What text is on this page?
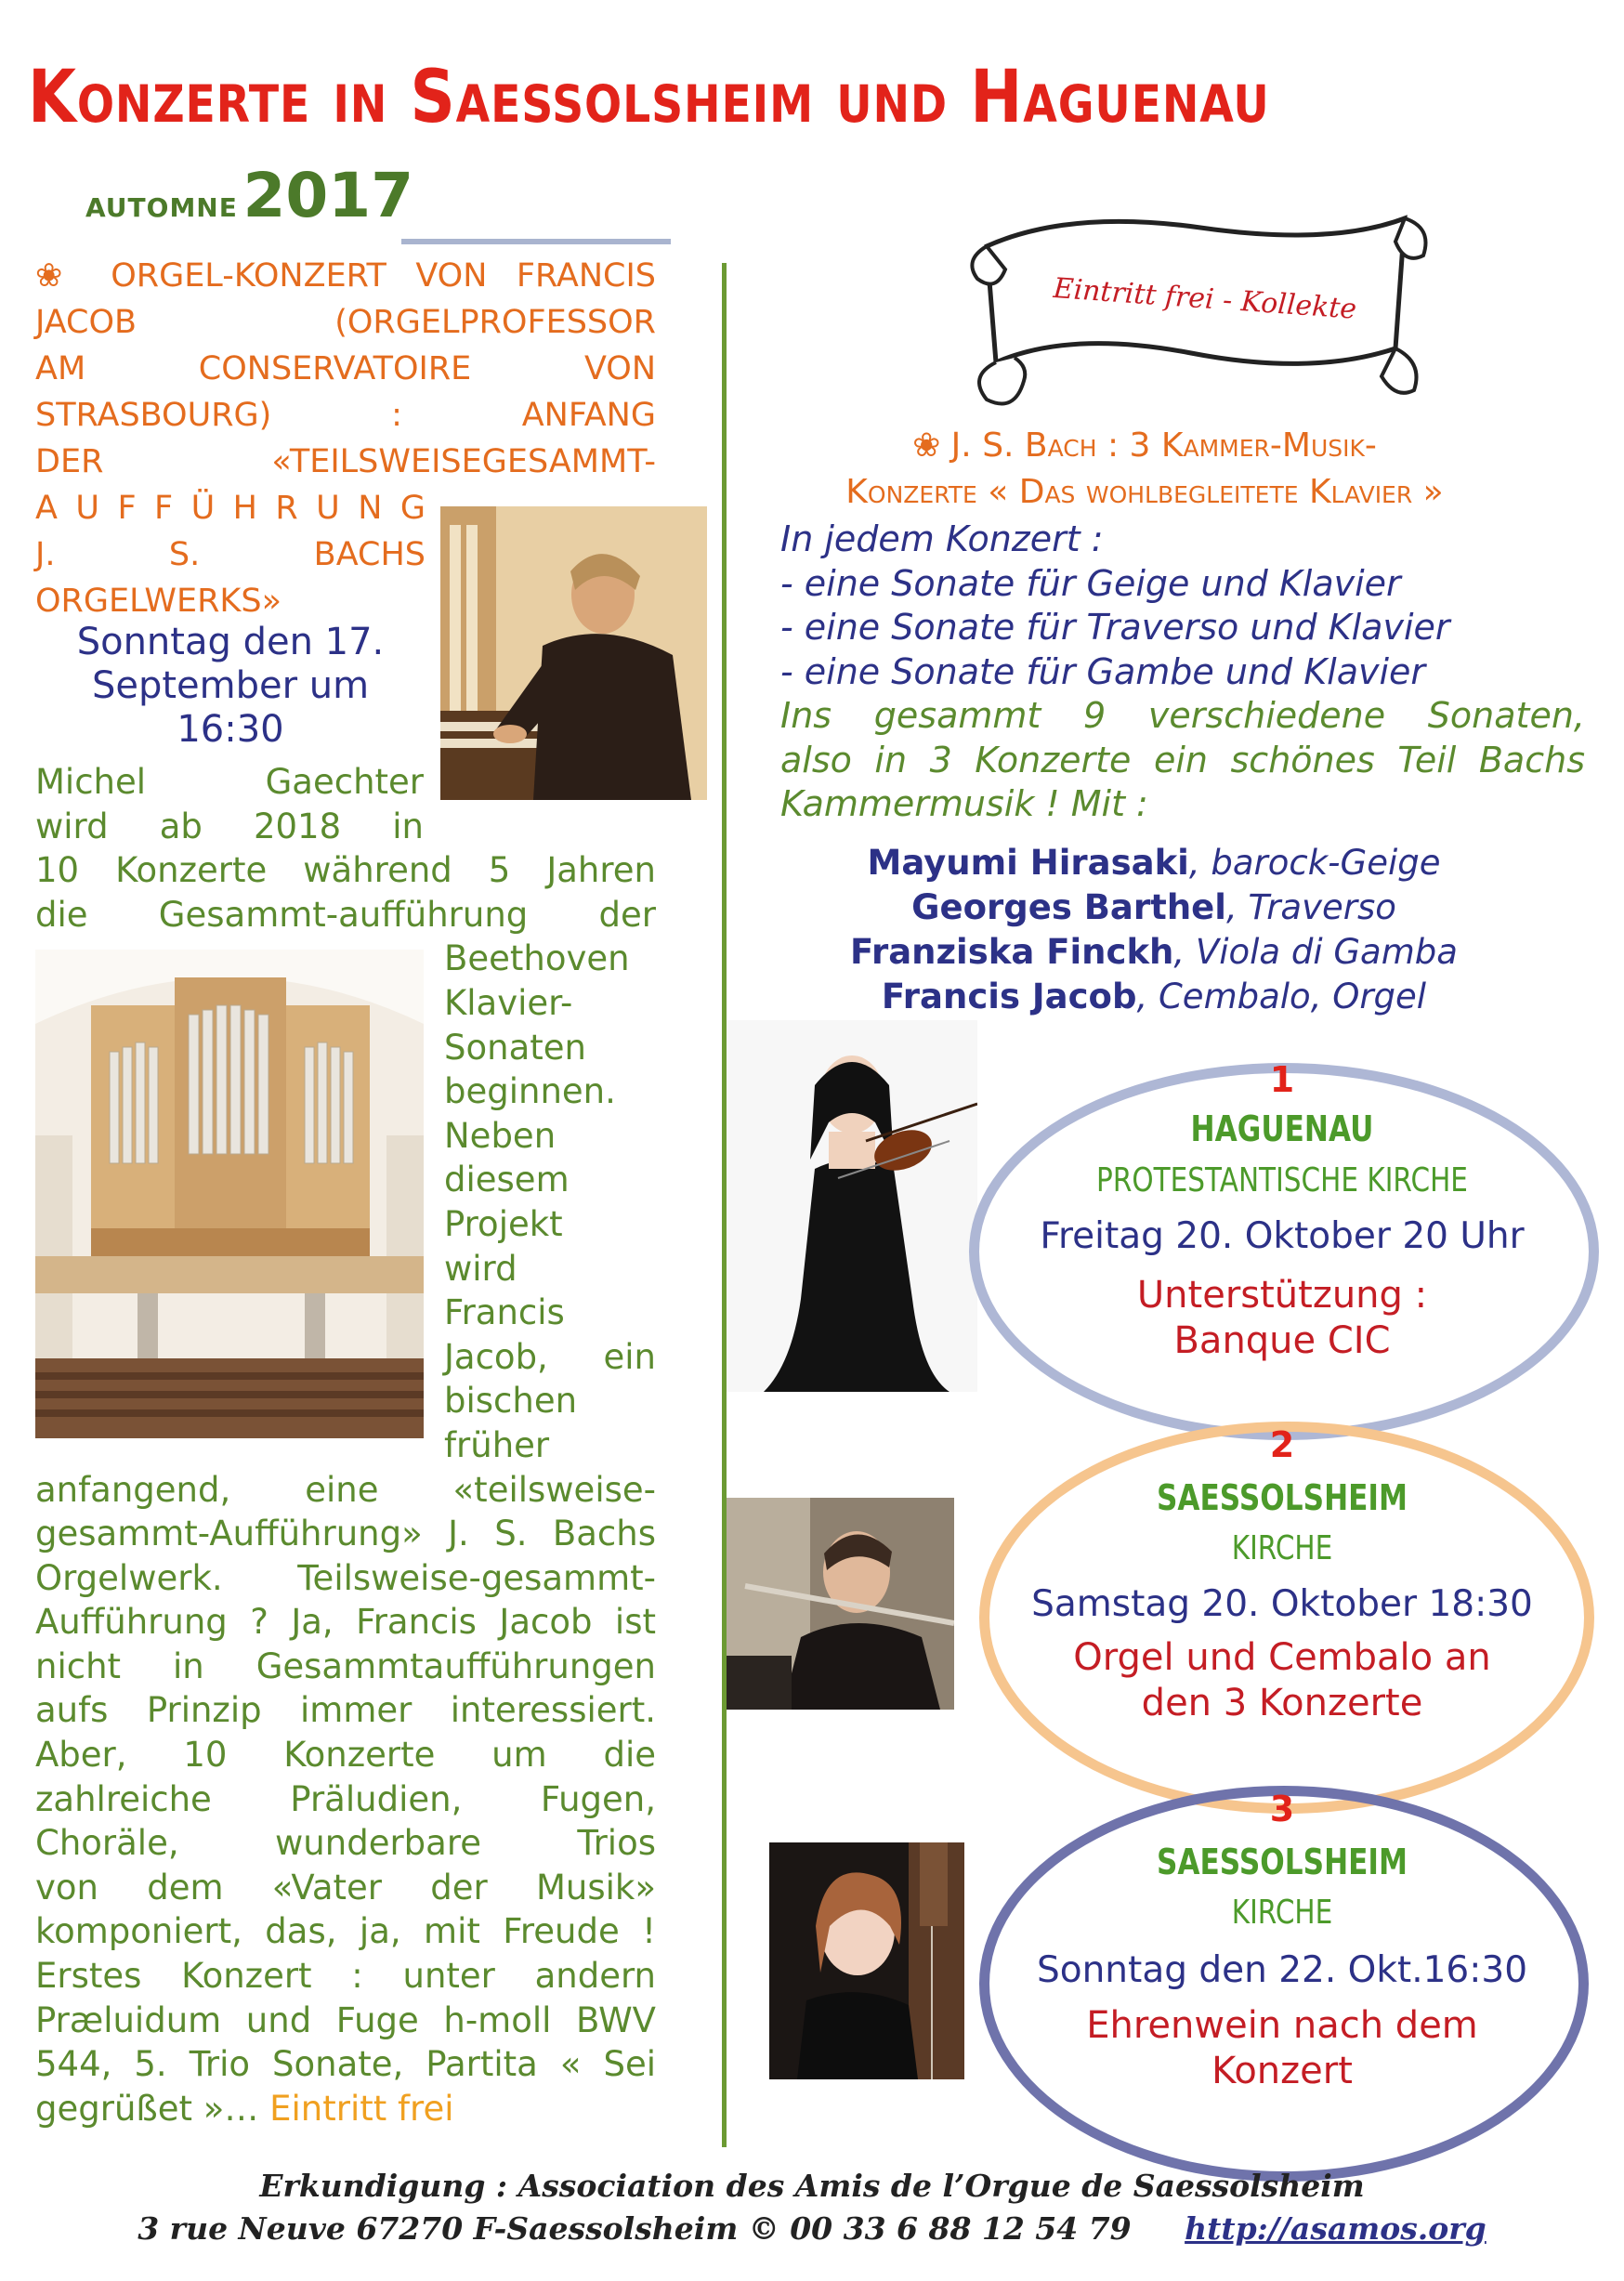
Konzerte in Saessolsheim und Haguenau
automne 2017
❀ ORGEL-KONZERT VON FRANCIS
JACOB (ORGELPROFESSOR
AM CONSERVATOIRE VON
STRASBOURG) : ANFANG
DER «TEILSWEISEGESAMMT-
A U F F Ü H R U N G
J. S. BACHS
ORGELWERKS»
Sonntag den 17.
September um
16:30
Michel Gaechter
wird ab 2018 in
10 Konzerte während 5 Jahren
die Gesammt-aufführung der
Beethoven
Klavier-
Sonaten
beginnen.
Neben
diesem
Projekt
wird
Francis
Jacob, ein
bischen
früher
anfangend, eine «teilsweise-
gesammt-Aufführung» J. S. Bachs
Orgelwerk. Teilsweise-gesammt-
Aufführung ? Ja, Francis Jacob ist
nicht in Gesammtaufführungen
aufs Prinzip immer interessiert.
Aber, 10 Konzerte um die
zahlreiche Präludien, Fugen,
Choräle, wunderbare Trios
von dem «Vater der Musik»
komponiert, das, ja, mit Freude !
Erstes Konzert : unter andern
Præluidum und Fuge h-moll BWV
544, 5. Trio Sonate, Partita « Sei
gegrüßet »… Eintritt frei
Eintritt frei - Kollekte
❀ J. S. Bach : 3 Kammer-Musik-
Konzerte « Das wohlbegleitete Klavier »
In jedem Konzert :
- eine Sonate für Geige und Klavier
- eine Sonate für Traverso und Klavier
- eine Sonate für Gambe und Klavier
Ins gesammt 9 verschiedene Sonaten,
also in 3 Konzerte ein schönes Teil Bachs
Kammermusik ! Mit :
Mayumi Hirasaki, barock-Geige
Georges Barthel, Traverso
Franziska Finckh, Viola di Gamba
Francis Jacob, Cembalo, Orgel
1
HAGUENAU
PROTESTANTISCHE KIRCHE
Freitag 20. Oktober 20 Uhr
Unterstützung :
Banque CIC
2
SAESSOLSHEIM
KIRCHE
Samstag 20. Oktober 18:30
Orgel und Cembalo an
den 3 Konzerte
3
SAESSOLSHEIM
KIRCHE
Sonntag den 22. Okt.16:30
Ehrenwein nach dem
Konzert
Erkundigung : Association des Amis de l’Orgue de Saessolsheim
3 rue Neuve 67270 F-Saessolsheim © 00 33 6 88 12 54 79 http://asamos.org
